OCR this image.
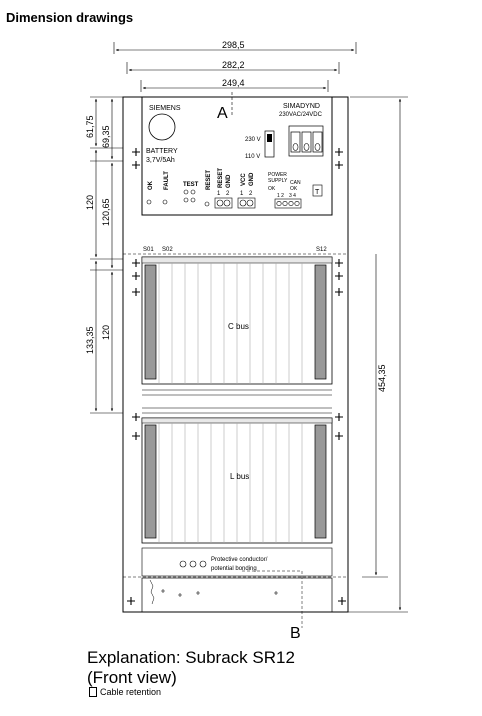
Dimension drawings
298,5
282,2
249,4
61,75 69,35
120 120,65
133,35 120
454,35
SIEMENS	SIMADYND
230VAC/24VDC
BATTERY
3,7V/5Ah
A
230 V
110 V
OK FAULT TEST RESET RESET GND VCC GND
1 2 1 2
POWER
SUPPLY CAN
OK	OK
1 2 3 4	T
S01 S02	S12
C bus
L bus
Protective conductor/
potential bonding
B
Explanation: Subrack SR12
(Front view)
Cable retention
